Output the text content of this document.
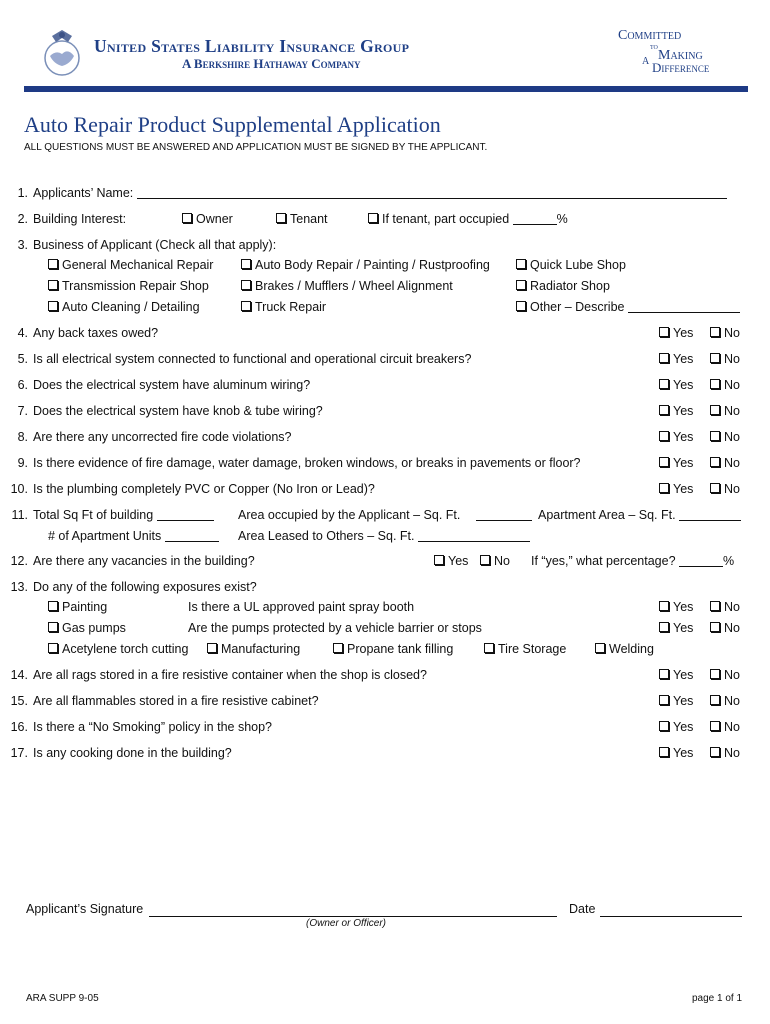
United States Liability Insurance Group
A Berkshire Hathaway Company
Committed
to
Making
A Difference
Auto Repair Product Supplemental Application
ALL QUESTIONS MUST BE ANSWERED AND APPLICATION MUST BE SIGNED BY THE APPLICANT.
1. Applicants’ Name:
2. Building Interest:	Owner	Tenant	If tenant, part occupied	%
3. Business of Applicant (Check all that apply):
General Mechanical Repair	Auto Body Repair / Painting / Rustproofing	Quick Lube Shop
Transmission Repair Shop	Brakes / Mufflers / Wheel Alignment	Radiator Shop
Auto Cleaning / Detailing	Truck Repair	Other – Describe
4. Any back taxes owed?	Yes	No
5. Is all electrical system connected to functional and operational circuit breakers?	Yes	No
6. Does the electrical system have aluminum wiring?	Yes	No
7. Does the electrical system have knob & tube wiring?	Yes	No
8. Are there any uncorrected fire code violations?	Yes	No
9. Is there evidence of fire damage, water damage, broken windows, or breaks in pavements or floor?	Yes	No
10. Is the plumbing completely PVC or Copper (No Iron or Lead)?	Yes	No
11. Total Sq Ft of building	Area occupied by the Applicant – Sq. Ft.	Apartment Area – Sq. Ft.
# of Apartment Units	Area Leased to Others – Sq. Ft.
12. Are there any vacancies in the building?	Yes	No If “yes,” what percentage?	%
13. Do any of the following exposures exist?
Painting	Is there a UL approved paint spray booth	Yes	No
Gas pumps	Are the pumps protected by a vehicle barrier or stops	Yes	No
Acetylene torch cutting	Manufacturing	Propane tank filling	Tire Storage	Welding
14. Are all rags stored in a fire resistive container when the shop is closed?	Yes	No
15. Are all flammables stored in a fire resistive cabinet?	Yes	No
16. Is there a “No Smoking” policy in the shop?	Yes	No
17. Is any cooking done in the building?	Yes	No
Applicant’s Signature
(Owner or Officer)
Date
ARA SUPP 9-05	page 1 of 1
